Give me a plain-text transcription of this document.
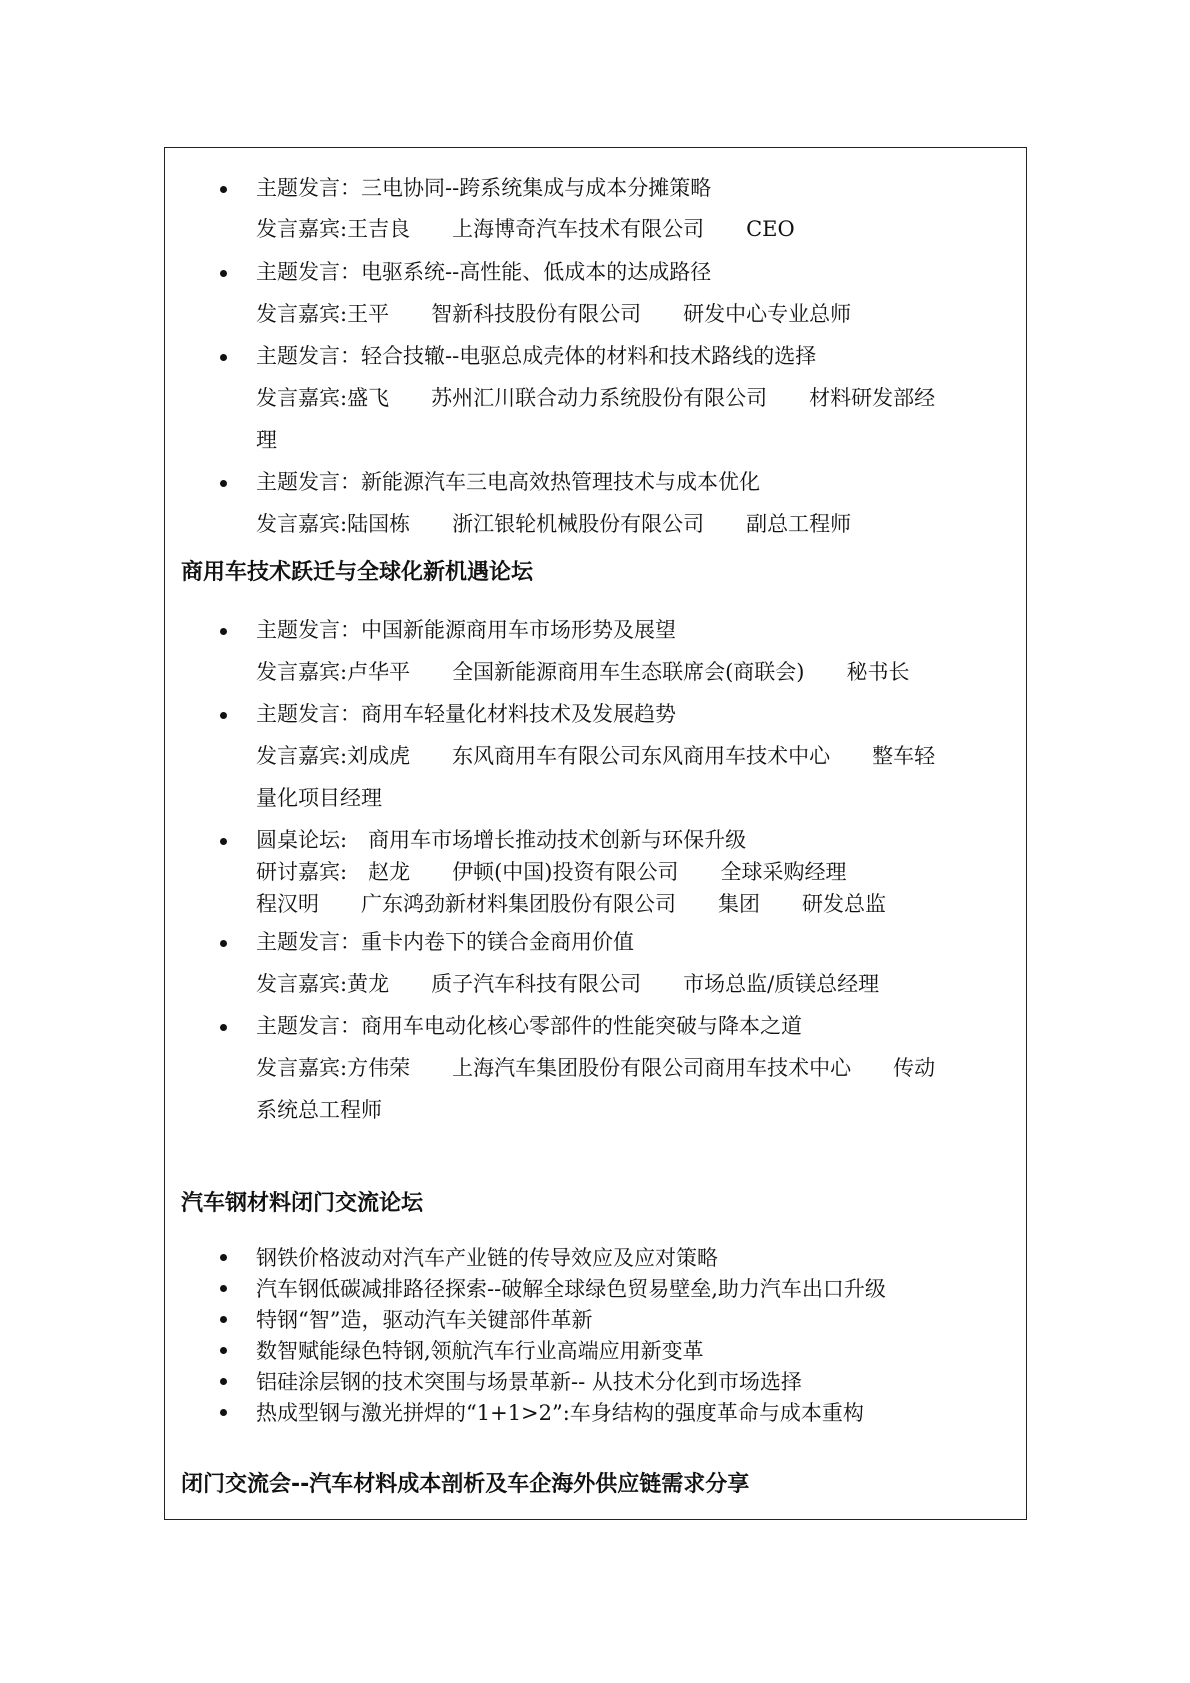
主题发言：三电协同--跨系统集成与成本分摊策略
发言嘉宾:王吉良　　上海博奇汽车技术有限公司　　CEO
主题发言：电驱系统--高性能、低成本的达成路径
发言嘉宾:王平　　智新科技股份有限公司　　研发中心专业总师
主题发言：轻合技辙--电驱总成壳体的材料和技术路线的选择
发言嘉宾:盛飞　　苏州汇川联合动力系统股份有限公司　　材料研发部经
理
主题发言：新能源汽车三电高效热管理技术与成本优化
发言嘉宾:陆国栋　　浙江银轮机械股份有限公司　　副总工程师
商用车技术跃迁与全球化新机遇论坛
主题发言：中国新能源商用车市场形势及展望
发言嘉宾:卢华平　　全国新能源商用车生态联席会(商联会)　　秘书长
主题发言：商用车轻量化材料技术及发展趋势
发言嘉宾:刘成虎　　东风商用车有限公司东风商用车技术中心　　整车轻
量化项目经理
圆桌论坛:　商用车市场增长推动技术创新与环保升级
研讨嘉宾:　赵龙　　伊顿(中国)投资有限公司　　全球采购经理
程汉明　　广东鸿劲新材料集团股份有限公司　　集团　　研发总监
主题发言：重卡内卷下的镁合金商用价值
发言嘉宾:黄龙　　质子汽车科技有限公司　　市场总监/质镁总经理
主题发言：商用车电动化核心零部件的性能突破与降本之道
发言嘉宾:方伟荣　　上海汽车集团股份有限公司商用车技术中心　　传动
系统总工程师
汽车钢材料闭门交流论坛
钢铁价格波动对汽车产业链的传导效应及应对策略
汽车钢低碳减排路径探索--破解全球绿色贸易壁垒,助力汽车出口升级
特钢“智”造，驱动汽车关键部件革新
数智赋能绿色特钢,领航汽车行业高端应用新变革
铝硅涂层钢的技术突围与场景革新-- 从技术分化到市场选择
热成型钢与激光拼焊的“1+1>2”:车身结构的强度革命与成本重构
闭门交流会--汽车材料成本剖析及车企海外供应链需求分享
